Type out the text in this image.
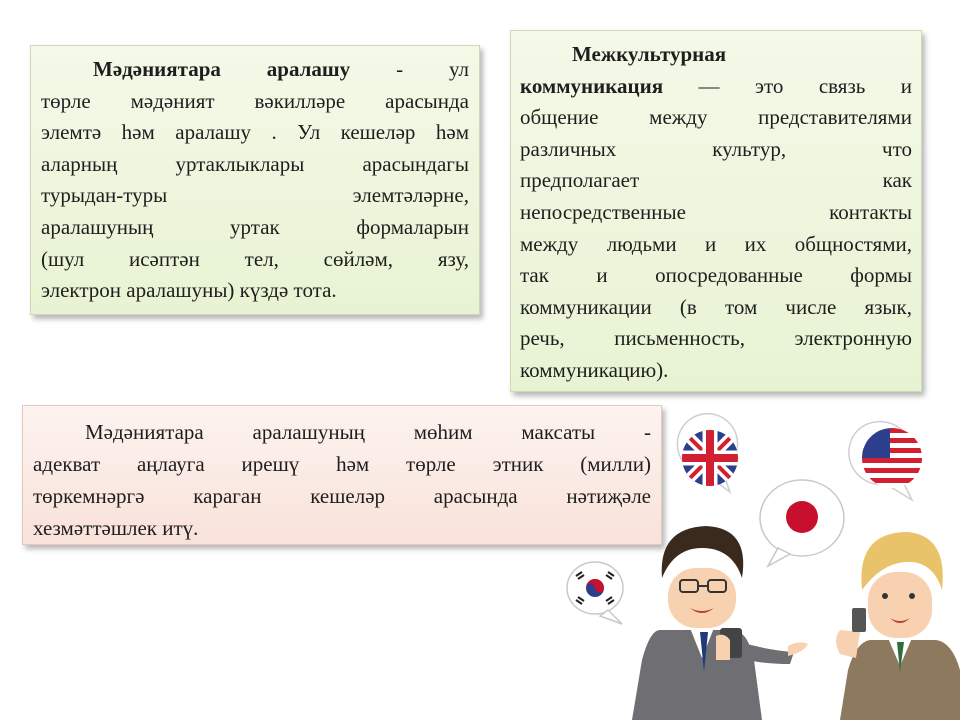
Мәдәниятара аралашу - ул
төрле мәдәният вәкилләре арасында
элемтә һәм аралашу . Ул кешеләр һәм
аларның уртаклыклары арасындагы
турыдан-туры элемтәләрне,
аралашуның уртак формаларын
(шул исәптән тел, сөйләм, язу,
электрон аралашуны) күздә тота.
Межкультурная
коммуникация — это связь и
общение между представителями
различных культур, что
предполагает как
непосредственные контакты
между людьми и их общностями,
так и опосредованные формы
коммуникации (в том числе язык,
речь, письменность, электронную
коммуникацию).
Мәдәниятара аралашуның мөһим максаты -
адекват аңлауга ирешү һәм төрле этник (милли)
төркемнәргә караган кешеләр арасында нәтиҗәле
хезмәттәшлек итү.
